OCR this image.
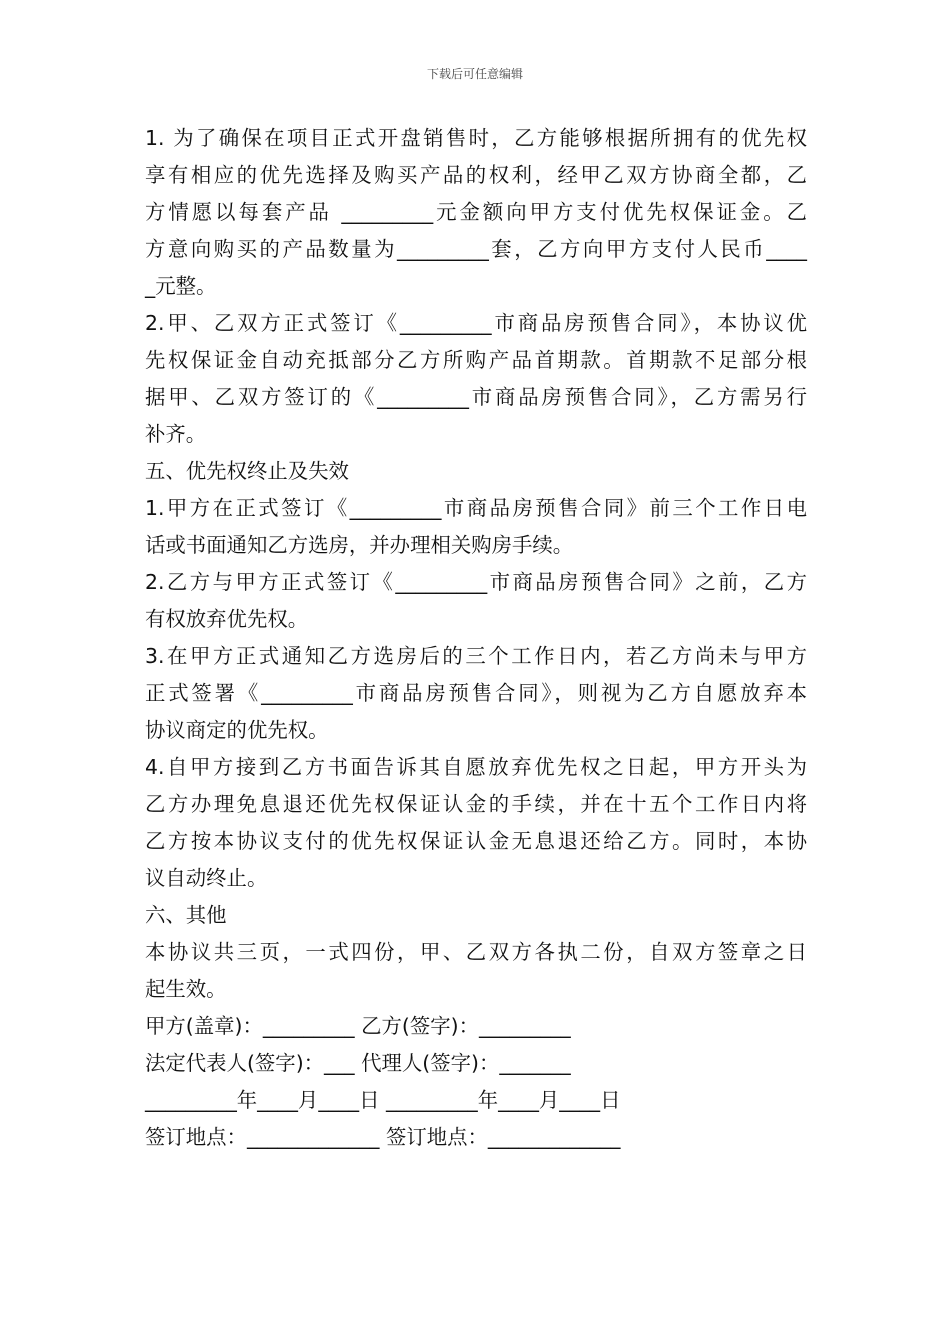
下载后可任意编辑
1. 为了确保在项目正式开盘销售时，乙方能够根据所拥有的优先权
享有相应的优先选择及购买产品的权利，经甲乙双方协商全都，乙
方情愿以每套产品 _________元金额向甲方支付优先权保证金。乙
方意向购买的产品数量为_________套，乙方向甲方支付人民币____
_元整。
2.甲、乙双方正式签订《_________市商品房预售合同》，本协议优
先权保证金自动充抵部分乙方所购产品首期款。首期款不足部分根
据甲、乙双方签订的《_________市商品房预售合同》，乙方需另行
补齐。
五、优先权终止及失效
1.甲方在正式签订《_________市商品房预售合同》前三个工作日电
话或书面通知乙方选房，并办理相关购房手续。
2.乙方与甲方正式签订《_________市商品房预售合同》之前，乙方
有权放弃优先权。
3.在甲方正式通知乙方选房后的三个工作日内，若乙方尚未与甲方
正式签署《_________市商品房预售合同》，则视为乙方自愿放弃本
协议商定的优先权。
4.自甲方接到乙方书面告诉其自愿放弃优先权之日起，甲方开头为
乙方办理免息退还优先权保证认金的手续，并在十五个工作日内将
乙方按本协议支付的优先权保证认金无息退还给乙方。同时，本协
议自动终止。
六、其他
本协议共三页，一式四份，甲、乙双方各执二份，自双方签章之日
起生效。
甲方(盖章)：_________ 乙方(签字)：_________
法定代表人(签字)：___ 代理人(签字)：_______
_________年____月____日 _________年____月____日
签订地点：_____________ 签订地点：_____________
